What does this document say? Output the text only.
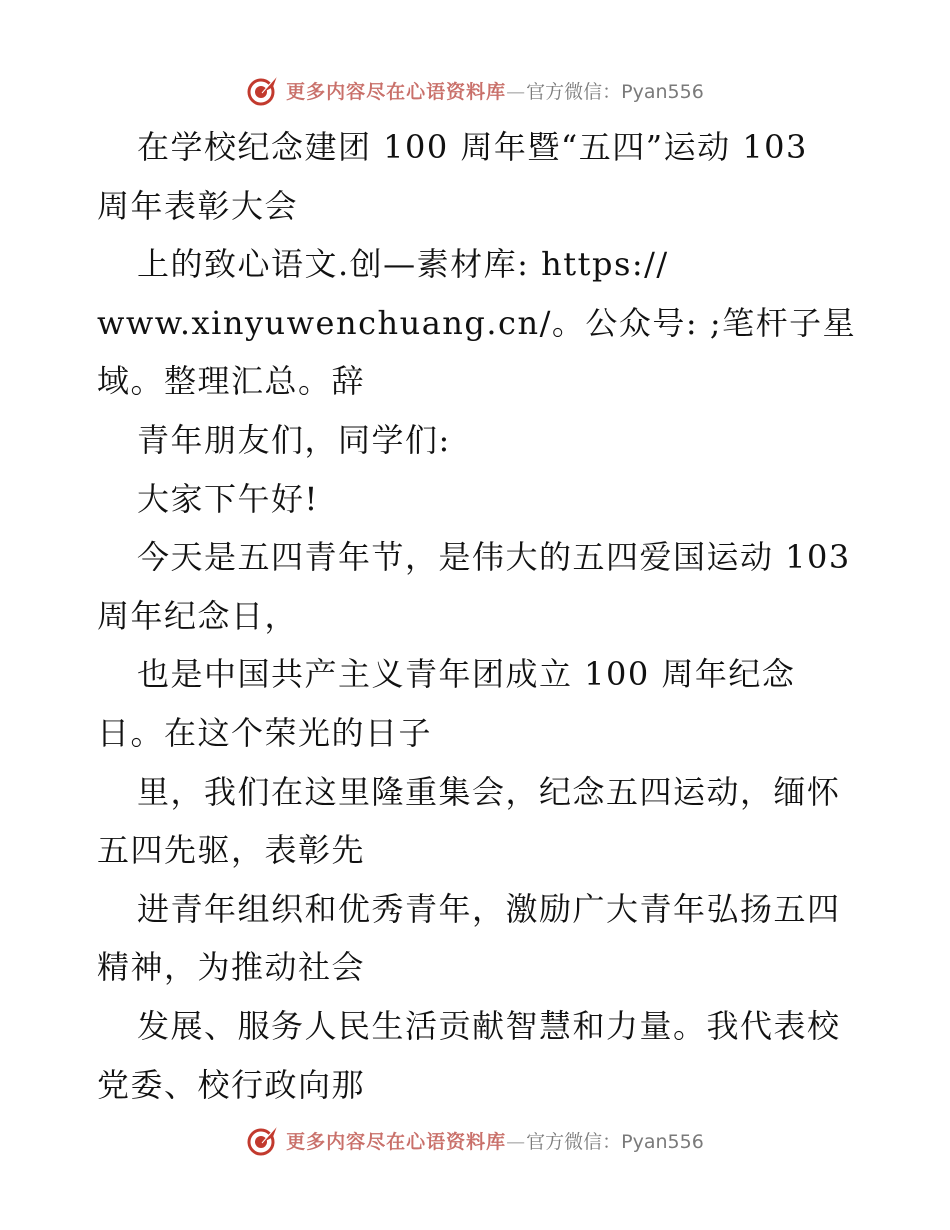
更多内容尽在心语资料库—官方微信：Pyan556
在学校纪念建团 100 周年暨“五四”运动 103
周年表彰大会
上的致心语文.创—素材库: https://
www.xinyuwenchuang.cn/。公众号: ;笔杆子星
域。整理汇总。辞
青年朋友们，同学们:
大家下午好!
今天是五四青年节，是伟大的五四爱国运动 103
周年纪念日，
也是中国共产主义青年团成立 100 周年纪念
日。在这个荣光的日子
里，我们在这里隆重集会，纪念五四运动，缅怀
五四先驱，表彰先
进青年组织和优秀青年，激励广大青年弘扬五四
精神，为推动社会
发展、服务人民生活贡献智慧和力量。我代表校
党委、校行政向那
更多内容尽在心语资料库—官方微信：Pyan556
